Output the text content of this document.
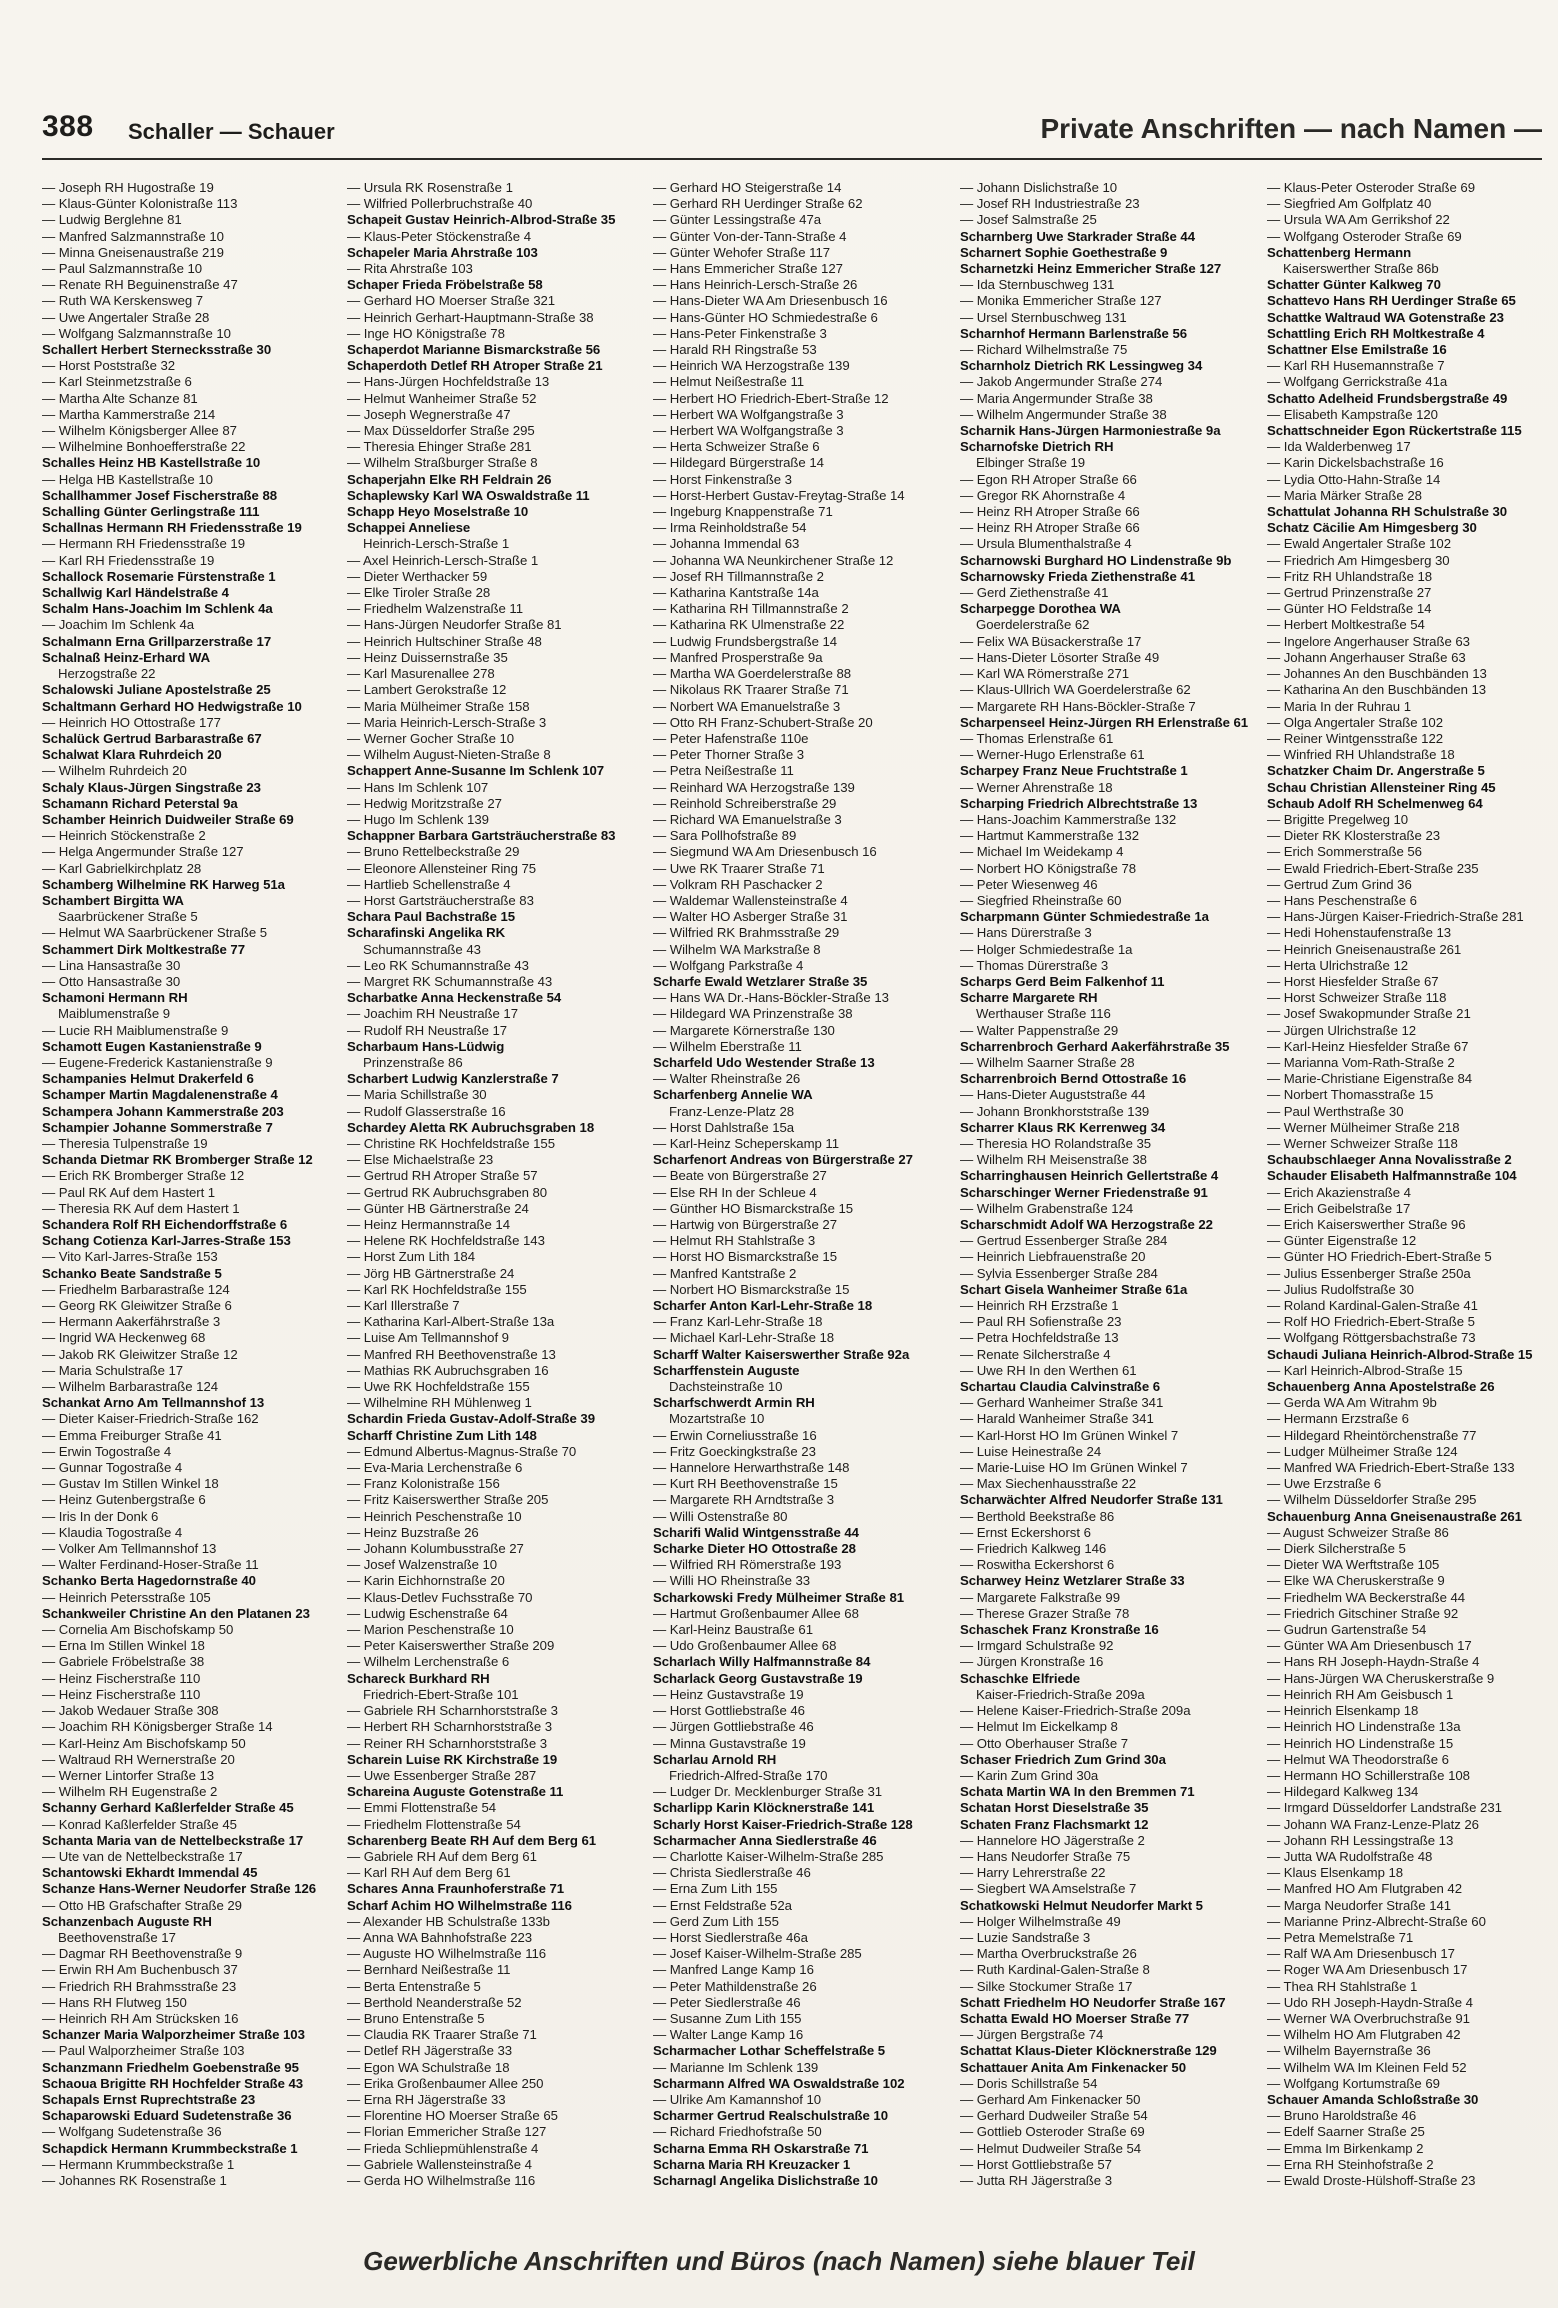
388 Schaller — Schauer	Private Anschriften — nach Namen —
— Joseph RH Hugostraße 19
— Klaus-Günter Kolonistraße 113
— Ludwig Berglehne 81
— Manfred Salzmannstraße 10
— Minna Gneisenaustraße 219
— Paul Salzmannstraße 10
— Renate RH Beguinenstraße 47
— Ruth WA Kerskensweg 7
— Uwe Angertaler Straße 28
— Wolfgang Salzmannstraße 10
Schallert Herbert Sternecksstraße 30
— Horst Poststraße 32
— Karl Steinmetzstraße 6
— Martha Alte Schanze 81
— Martha Kammerstraße 214
— Wilhelm Königsberger Allee 87
— Wilhelmine Bonhoefferstraße 22
Schalles Heinz HB Kastellstraße 10
— Helga HB Kastellstraße 10
Schallhammer Josef Fischerstraße 88
Schalling Günter Gerlingstraße 111
Schallnas Hermann RH Friedensstraße 19
— Hermann RH Friedensstraße 19
— Karl RH Friedensstraße 19
Schallock Rosemarie Fürstenstraße 1
Schallwig Karl Händelstraße 4
Schalm Hans-Joachim Im Schlenk 4a
— Joachim Im Schlenk 4a
Schalmann Erna Grillparzerstraße 17
Schalnaß Heinz-Erhard WA
Herzogstraße 22
Schalowski Juliane Apostelstraße 25
Schaltmann Gerhard HO Hedwigstraße 10
— Heinrich HO Ottostraße 177
Schalück Gertrud Barbarastraße 67
Schalwat Klara Ruhrdeich 20
— Wilhelm Ruhrdeich 20
Schaly Klaus-Jürgen Singstraße 23
Schamann Richard Peterstal 9a
Schamber Heinrich Duidweiler Straße 69
— Heinrich Stöckenstraße 2
— Helga Angermunder Straße 127
— Karl Gabrielkirchplatz 28
Schamberg Wilhelmine RK Harweg 51a
Schambert Birgitta WA
Saarbrückener Straße 5
— Helmut WA Saarbrückener Straße 5
Schammert Dirk Moltkestraße 77
— Lina Hansastraße 30
— Otto Hansastraße 30
Schamoni Hermann RH
Maiblumenstraße 9
— Lucie RH Maiblumenstraße 9
Schamott Eugen Kastanienstraße 9
— Eugene-Frederick Kastanienstraße 9
Schampanies Helmut Drakerfeld 6
Schamper Martin Magdalenenstraße 4
Schampera Johann Kammerstraße 203
Schampier Johanne Sommerstraße 7
— Theresia Tulpenstraße 19
Schanda Dietmar RK Bromberger Straße 12
— Erich RK Bromberger Straße 12
— Paul RK Auf dem Hastert 1
— Theresia RK Auf dem Hastert 1
Schandera Rolf RH Eichendorffstraße 6
Schang Cotienza Karl-Jarres-Straße 153
— Vito Karl-Jarres-Straße 153
Schanko Beate Sandstraße 5
— Friedhelm Barbarastraße 124
— Georg RK Gleiwitzer Straße 6
— Hermann Aakerfährstraße 3
— Ingrid WA Heckenweg 68
— Jakob RK Gleiwitzer Straße 12
— Maria Schulstraße 17
— Wilhelm Barbarastraße 124
Schankat Arno Am Tellmannshof 13
— Dieter Kaiser-Friedrich-Straße 162
— Emma Freiburger Straße 41
— Erwin Togostraße 4
— Gunnar Togostraße 4
— Gustav Im Stillen Winkel 18
— Heinz Gutenbergstraße 6
— Iris In der Donk 6
— Klaudia Togostraße 4
— Volker Am Tellmannshof 13
— Walter Ferdinand-Hoser-Straße 11
Schanko Berta Hagedornstraße 40
— Heinrich Petersstraße 105
Schankweiler Christine An den Platanen 23
— Cornelia Am Bischofskamp 50
— Erna Im Stillen Winkel 18
— Gabriele Fröbelstraße 38
— Heinz Fischerstraße 110
— Heinz Fischerstraße 110
— Jakob Wedauer Straße 308
— Joachim RH Königsberger Straße 14
— Karl-Heinz Am Bischofskamp 50
— Waltraud RH Wernerstraße 20
— Werner Lintorfer Straße 13
— Wilhelm RH Eugenstraße 2
Schanny Gerhard Kaßlerfelder Straße 45
— Konrad Kaßlerfelder Straße 45
Schanta Maria van de Nettelbeckstraße 17
— Ute van de Nettelbeckstraße 17
Schantowski Ekhardt Immendal 45
Schanze Hans-Werner Neudorfer Straße 126
— Otto HB Grafschafter Straße 29
Schanzenbach Auguste RH
Beethovenstraße 17
— Dagmar RH Beethovenstraße 9
— Erwin RH Am Buchenbusch 37
— Friedrich RH Brahmsstraße 23
— Hans RH Flutweg 150
— Heinrich RH Am Strücksken 16
Schanzer Maria Walporzheimer Straße 103
— Paul Walporzheimer Straße 103
Schanzmann Friedhelm Goebenstraße 95
Schaoua Brigitte RH Hochfelder Straße 43
Schapals Ernst Ruprechtstraße 23
Schaparowski Eduard Sudetenstraße 36
— Wolfgang Sudetenstraße 36
Schapdick Hermann Krummbeckstraße 1
— Hermann Krummbeckstraße 1
— Johannes RK Rosenstraße 1
— Ursula RK Rosenstraße 1
— Wilfried Pollerbruchstraße 40
Schapeit Gustav Heinrich-Albrod-Straße 35
— Klaus-Peter Stöckenstraße 4
Schapeler Maria Ahrstraße 103
— Rita Ahrstraße 103
Schaper Frieda Fröbelstraße 58
— Gerhard HO Moerser Straße 321
— Heinrich Gerhart-Hauptmann-Straße 38
— Inge HO Königstraße 78
Schaperdot Marianne Bismarckstraße 56
Schaperdoth Detlef RH Atroper Straße 21
— Hans-Jürgen Hochfeldstraße 13
— Helmut Wanheimer Straße 52
— Joseph Wegnerstraße 47
— Max Düsseldorfer Straße 295
— Theresia Ehinger Straße 281
— Wilhelm Straßburger Straße 8
Schaperjahn Elke RH Feldrain 26
Schaplewsky Karl WA Oswaldstraße 11
Schapp Heyo Moselstraße 10
Schappei Anneliese
Heinrich-Lersch-Straße 1
— Axel Heinrich-Lersch-Straße 1
— Dieter Werthacker 59
— Elke Tiroler Straße 28
— Friedhelm Walzenstraße 11
— Hans-Jürgen Neudorfer Straße 81
— Heinrich Hultschiner Straße 48
— Heinz Duissernstraße 35
— Karl Masurenallee 278
— Lambert Gerokstraße 12
— Maria Mülheimer Straße 158
— Maria Heinrich-Lersch-Straße 3
— Werner Gocher Straße 10
— Wilhelm August-Nieten-Straße 8
Schappert Anne-Susanne Im Schlenk 107
— Hans Im Schlenk 107
— Hedwig Moritzstraße 27
— Hugo Im Schlenk 139
Schappner Barbara Gartsträucherstraße 83
— Bruno Rettelbeckstraße 29
— Eleonore Allensteiner Ring 75
— Hartlieb Schellenstraße 4
— Horst Gartsträucherstraße 83
Schara Paul Bachstraße 15
Scharafinski Angelika RK
Schumannstraße 43
— Leo RK Schumannstraße 43
— Margret RK Schumannstraße 43
Scharbatke Anna Heckenstraße 54
— Joachim RH Neustraße 17
— Rudolf RH Neustraße 17
Scharbaum Hans-Lüdwig
Prinzenstraße 86
Scharbert Ludwig Kanzlerstraße 7
— Maria Schillstraße 30
— Rudolf Glasserstraße 16
Schardey Aletta RK Aubruchsgraben 18
— Christine RK Hochfeldstraße 155
— Else Michaelstraße 23
— Gertrud RH Atroper Straße 57
— Gertrud RK Aubruchsgraben 80
— Günter HB Gärtnerstraße 24
— Heinz Hermannstraße 14
— Helene RK Hochfeldstraße 143
— Horst Zum Lith 184
— Jörg HB Gärtnerstraße 24
— Karl RK Hochfeldstraße 155
— Karl Illerstraße 7
— Katharina Karl-Albert-Straße 13a
— Luise Am Tellmannshof 9
— Manfred RH Beethovenstraße 13
— Mathias RK Aubruchsgraben 16
— Uwe RK Hochfeldstraße 155
— Wilhelmine RH Mühlenweg 1
Schardin Frieda Gustav-Adolf-Straße 39
Scharff Christine Zum Lith 148
— Edmund Albertus-Magnus-Straße 70
— Eva-Maria Lerchenstraße 6
— Franz Kolonistraße 156
— Fritz Kaiserswerther Straße 205
— Heinrich Peschenstraße 10
— Heinz Buzstraße 26
— Johann Kolumbusstraße 27
— Josef Walzenstraße 10
— Karin Eichhornstraße 20
— Klaus-Detlev Fuchsstraße 70
— Ludwig Eschenstraße 64
— Marion Peschenstraße 10
— Peter Kaiserswerther Straße 209
— Wilhelm Lerchenstraße 6
Schareck Burkhard RH
Friedrich-Ebert-Straße 101
— Gabriele RH Scharnhorststraße 3
— Herbert RH Scharnhorststraße 3
— Reiner RH Scharnhorststraße 3
Scharein Luise RK Kirchstraße 19
— Uwe Essenberger Straße 287
Schareina Auguste Gotenstraße 11
— Emmi Flottenstraße 54
— Friedhelm Flottenstraße 54
Scharenberg Beate RH Auf dem Berg 61
— Gabriele RH Auf dem Berg 61
— Karl RH Auf dem Berg 61
Schares Anna Fraunhoferstraße 71
Scharf Achim HO Wilhelmstraße 116
— Alexander HB Schulstraße 133b
— Anna WA Bahnhofstraße 223
— Auguste HO Wilhelmstraße 116
— Bernhard Neißestraße 11
— Berta Entenstraße 5
— Berthold Neanderstraße 52
— Bruno Entenstraße 5
— Claudia RK Traarer Straße 71
— Detlef RH Jägerstraße 33
— Egon WA Schulstraße 18
— Erika Großenbaumer Allee 250
— Erna RH Jägerstraße 33
— Florentine HO Moerser Straße 65
— Florian Emmericher Straße 127
— Frieda Schliepmühlenstraße 4
— Gabriele Wallensteinstraße 4
— Gerda HO Wilhelmstraße 116
— Gerhard HO Steigerstraße 14
— Gerhard RH Uerdinger Straße 62
— Günter Lessingstraße 47a
— Günter Von-der-Tann-Straße 4
— Günter Wehofer Straße 117
— Hans Emmericher Straße 127
— Hans Heinrich-Lersch-Straße 26
— Hans-Dieter WA Am Driesenbusch 16
— Hans-Günter HO Schmiedestraße 6
— Hans-Peter Finkenstraße 3
— Harald RH Ringstraße 53
— Heinrich WA Herzogstraße 139
— Helmut Neißestraße 11
— Herbert HO Friedrich-Ebert-Straße 12
— Herbert WA Wolfgangstraße 3
— Herbert WA Wolfgangstraße 3
— Herta Schweizer Straße 6
— Hildegard Bürgerstraße 14
— Horst Finkenstraße 3
— Horst-Herbert Gustav-Freytag-Straße 14
— Ingeburg Knappenstraße 71
— Irma Reinholdstraße 54
— Johanna Immendal 63
— Johanna WA Neunkirchener Straße 12
— Josef RH Tillmannstraße 2
— Katharina Kantstraße 14a
— Katharina RH Tillmannstraße 2
— Katharina RK Ulmenstraße 22
— Ludwig Frundsbergstraße 14
— Manfred Prosperstraße 9a
— Martha WA Goerdelerstraße 88
— Nikolaus RK Traarer Straße 71
— Norbert WA Emanuelstraße 3
— Otto RH Franz-Schubert-Straße 20
— Peter Hafenstraße 110e
— Peter Thorner Straße 3
— Petra Neißestraße 11
— Reinhard WA Herzogstraße 139
— Reinhold Schreiberstraße 29
— Richard WA Emanuelstraße 3
— Sara Pollhofstraße 89
— Siegmund WA Am Driesenbusch 16
— Uwe RK Traarer Straße 71
— Volkram RH Paschacker 2
— Waldemar Wallensteinstraße 4
— Walter HO Asberger Straße 31
— Wilfried RK Brahmsstraße 29
— Wilhelm WA Markstraße 8
— Wolfgang Parkstraße 4
Scharfe Ewald Wetzlarer Straße 35
— Hans WA Dr.-Hans-Böckler-Straße 13
— Hildegard WA Prinzenstraße 38
— Margarete Körnerstraße 130
— Wilhelm Eberstraße 11
Scharfeld Udo Westender Straße 13
— Walter Rheinstraße 26
Scharfenberg Annelie WA
Franz-Lenze-Platz 28
— Horst Dahlstraße 15a
— Karl-Heinz Scheperskamp 11
Scharfenort Andreas von Bürgerstraße 27
— Beate von Bürgerstraße 27
— Else RH In der Schleue 4
— Günther HO Bismarckstraße 15
— Hartwig von Bürgerstraße 27
— Helmut RH Stahlstraße 3
— Horst HO Bismarckstraße 15
— Manfred Kantstraße 2
— Norbert HO Bismarckstraße 15
Scharfer Anton Karl-Lehr-Straße 18
— Franz Karl-Lehr-Straße 18
— Michael Karl-Lehr-Straße 18
Scharff Walter Kaiserswerther Straße 92a
Scharffenstein Auguste
Dachsteinstraße 10
Scharfschwerdt Armin RH
Mozartstraße 10
— Erwin Corneliusstraße 16
— Fritz Goeckingkstraße 23
— Hannelore Herwarthstraße 148
— Kurt RH Beethovenstraße 15
— Margarete RH Arndtstraße 3
— Willi Ostenstraße 80
Scharifi Walid Wintgensstraße 44
Scharke Dieter HO Ottostraße 28
— Wilfried RH Römerstraße 193
— Willi HO Rheinstraße 33
Scharkowski Fredy Mülheimer Straße 81
— Hartmut Großenbaumer Allee 68
— Karl-Heinz Baustraße 61
— Udo Großenbaumer Allee 68
Scharlach Willy Halfmannstraße 84
Scharlack Georg Gustavstraße 19
— Heinz Gustavstraße 19
— Horst Gottliebstraße 46
— Jürgen Gottliebstraße 46
— Minna Gustavstraße 19
Scharlau Arnold RH
Friedrich-Alfred-Straße 170
— Ludger Dr. Mecklenburger Straße 31
Scharlipp Karin Klöcknerstraße 141
Scharly Horst Kaiser-Friedrich-Straße 128
Scharmacher Anna Siedlerstraße 46
— Charlotte Kaiser-Wilhelm-Straße 285
— Christa Siedlerstraße 46
— Erna Zum Lith 155
— Ernst Feldstraße 52a
— Gerd Zum Lith 155
— Horst Siedlerstraße 46a
— Josef Kaiser-Wilhelm-Straße 285
— Manfred Lange Kamp 16
— Peter Mathildenstraße 26
— Peter Siedlerstraße 46
— Susanne Zum Lith 155
— Walter Lange Kamp 16
Scharmacher Lothar Scheffelstraße 5
— Marianne Im Schlenk 139
Scharmann Alfred WA Oswaldstraße 102
— Ulrike Am Kamannshof 10
Scharmer Gertrud Realschulstraße 10
— Richard Friedhofstraße 50
Scharna Emma RH Oskarstraße 71
Scharna Maria RH Kreuzacker 1
Scharnagl Angelika Dislichstraße 10
— Johann Dislichstraße 10
— Josef RH Industriestraße 23
— Josef Salmstraße 25
Scharnberg Uwe Starkrader Straße 44
Scharnert Sophie Goethestraße 9
Scharnetzki Heinz Emmericher Straße 127
— Ida Sternbuschweg 131
— Monika Emmericher Straße 127
— Ursel Sternbuschweg 131
Scharnhof Hermann Barlenstraße 56
— Richard Wilhelmstraße 75
Scharnholz Dietrich RK Lessingweg 34
— Jakob Angermunder Straße 274
— Maria Angermunder Straße 38
— Wilhelm Angermunder Straße 38
Scharnik Hans-Jürgen Harmoniestraße 9a
Scharnofske Dietrich RH
Elbinger Straße 19
— Egon RH Atroper Straße 66
— Gregor RK Ahornstraße 4
— Heinz RH Atroper Straße 66
— Heinz RH Atroper Straße 66
— Ursula Blumenthalstraße 4
Scharnowski Burghard HO Lindenstraße 9b
Scharnowsky Frieda Ziethenstraße 41
— Gerd Ziethenstraße 41
Scharpegge Dorothea WA
Goerdelerstraße 62
— Felix WA Büsackerstraße 17
— Hans-Dieter Lösorter Straße 49
— Karl WA Römerstraße 271
— Klaus-Ullrich WA Goerdelerstraße 62
— Margarete RH Hans-Böckler-Straße 7
Scharpenseel Heinz-Jürgen RH Erlenstraße 61
— Thomas Erlenstraße 61
— Werner-Hugo Erlenstraße 61
Scharpey Franz Neue Fruchtstraße 1
— Werner Ahrenstraße 18
Scharping Friedrich Albrechtstraße 13
— Hans-Joachim Kammerstraße 132
— Hartmut Kammerstraße 132
— Michael Im Weidekamp 4
— Norbert HO Königstraße 78
— Peter Wiesenweg 46
— Siegfried Rheinstraße 60
Scharpmann Günter Schmiedestraße 1a
— Hans Dürerstraße 3
— Holger Schmiedestraße 1a
— Thomas Dürerstraße 3
Scharps Gerd Beim Falkenhof 11
Scharre Margarete RH
Werthauser Straße 116
— Walter Pappenstraße 29
Scharrenbroch Gerhard Aakerfährstraße 35
— Wilhelm Saarner Straße 28
Scharrenbroich Bernd Ottostraße 16
— Hans-Dieter Auguststraße 44
— Johann Bronkhorststraße 139
Scharrer Klaus RK Kerrenweg 34
— Theresia HO Rolandstraße 35
— Wilhelm RH Meisenstraße 38
Scharringhausen Heinrich Gellertstraße 4
Scharschinger Werner Friedenstraße 91
— Wilhelm Grabenstraße 124
Scharschmidt Adolf WA Herzogstraße 22
— Gertrud Essenberger Straße 284
— Heinrich Liebfrauenstraße 20
— Sylvia Essenberger Straße 284
Schart Gisela Wanheimer Straße 61a
— Heinrich RH Erzstraße 1
— Paul RH Sofienstraße 23
— Petra Hochfeldstraße 13
— Renate Silcherstraße 4
— Uwe RH In den Werthen 61
Schartau Claudia Calvinstraße 6
— Gerhard Wanheimer Straße 341
— Harald Wanheimer Straße 341
— Karl-Horst HO Im Grünen Winkel 7
— Luise Heinestraße 24
— Marie-Luise HO Im Grünen Winkel 7
— Max Siechenhausstraße 22
Scharwächter Alfred Neudorfer Straße 131
— Berthold Beekstraße 86
— Ernst Eckershorst 6
— Friedrich Kalkweg 146
— Roswitha Eckershorst 6
Scharwey Heinz Wetzlarer Straße 33
— Margarete Falkstraße 99
— Therese Grazer Straße 78
Schaschek Franz Kronstraße 16
— Irmgard Schulstraße 92
— Jürgen Kronstraße 16
Schaschke Elfriede
Kaiser-Friedrich-Straße 209a
— Helene Kaiser-Friedrich-Straße 209a
— Helmut Im Eickelkamp 8
— Otto Oberhauser Straße 7
Schaser Friedrich Zum Grind 30a
— Karin Zum Grind 30a
Schata Martin WA In den Bremmen 71
Schatan Horst Dieselstraße 35
Schaten Franz Flachsmarkt 12
— Hannelore HO Jägerstraße 2
— Hans Neudorfer Straße 75
— Harry Lehrerstraße 22
— Siegbert WA Amselstraße 7
Schatkowski Helmut Neudorfer Markt 5
— Holger Wilhelmstraße 49
— Luzie Sandstraße 3
— Martha Overbruckstraße 26
— Ruth Kardinal-Galen-Straße 8
— Silke Stockumer Straße 17
Schatt Friedhelm HO Neudorfer Straße 167
Schatta Ewald HO Moerser Straße 77
— Jürgen Bergstraße 74
Schattat Klaus-Dieter Klöcknerstraße 129
Schattauer Anita Am Finkenacker 50
— Doris Schillstraße 54
— Gerhard Am Finkenacker 50
— Gerhard Dudweiler Straße 54
— Gottlieb Osteroder Straße 69
— Helmut Dudweiler Straße 54
— Horst Gottliebstraße 57
— Jutta RH Jägerstraße 3
— Klaus-Peter Osteroder Straße 69
— Siegfried Am Golfplatz 40
— Ursula WA Am Gerrikshof 22
— Wolfgang Osteroder Straße 69
Schattenberg Hermann
Kaiserswerther Straße 86b
Schatter Günter Kalkweg 70
Schattevo Hans RH Uerdinger Straße 65
Schattke Waltraud WA Gotenstraße 23
Schattling Erich RH Moltkestraße 4
Schattner Else Emilstraße 16
— Karl RH Husemannstraße 7
— Wolfgang Gerrickstraße 41a
Schatto Adelheid Frundsbergstraße 49
— Elisabeth Kampstraße 120
Schattschneider Egon Rückertstraße 115
— Ida Walderbenweg 17
— Karin Dickelsbachstraße 16
— Lydia Otto-Hahn-Straße 14
— Maria Märker Straße 28
Schattulat Johanna RH Schulstraße 30
Schatz Cäcilie Am Himgesberg 30
— Ewald Angertaler Straße 102
— Friedrich Am Himgesberg 30
— Fritz RH Uhlandstraße 18
— Gertrud Prinzenstraße 27
— Günter HO Feldstraße 14
— Herbert Moltkestraße 54
— Ingelore Angerhauser Straße 63
— Johann Angerhauser Straße 63
— Johannes An den Buschbänden 13
— Katharina An den Buschbänden 13
— Maria In der Ruhrau 1
— Olga Angertaler Straße 102
— Reiner Wintgensstraße 122
— Winfried RH Uhlandstraße 18
Schatzker Chaim Dr. Angerstraße 5
Schau Christian Allensteiner Ring 45
Schaub Adolf RH Schelmenweg 64
— Brigitte Pregelweg 10
— Dieter RK Klosterstraße 23
— Erich Sommerstraße 56
— Ewald Friedrich-Ebert-Straße 235
— Gertrud Zum Grind 36
— Hans Peschenstraße 6
— Hans-Jürgen Kaiser-Friedrich-Straße 281
— Hedi Hohenstaufenstraße 13
— Heinrich Gneisenaustraße 261
— Herta Ulrichstraße 12
— Horst Hiesfelder Straße 67
— Horst Schweizer Straße 118
— Josef Swakopmunder Straße 21
— Jürgen Ulrichstraße 12
— Karl-Heinz Hiesfelder Straße 67
— Marianna Vom-Rath-Straße 2
— Marie-Christiane Eigenstraße 84
— Norbert Thomasstraße 15
— Paul Werthstraße 30
— Werner Mülheimer Straße 218
— Werner Schweizer Straße 118
Schaubschlaeger Anna Novalisstraße 2
Schauder Elisabeth Halfmannstraße 104
— Erich Akazienstraße 4
— Erich Geibelstraße 17
— Erich Kaiserswerther Straße 96
— Günter Eigenstraße 12
— Günter HO Friedrich-Ebert-Straße 5
— Julius Essenberger Straße 250a
— Julius Rudolfstraße 30
— Roland Kardinal-Galen-Straße 41
— Rolf HO Friedrich-Ebert-Straße 5
— Wolfgang Röttgersbachstraße 73
Schaudi Juliana Heinrich-Albrod-Straße 15
— Karl Heinrich-Albrod-Straße 15
Schauenberg Anna Apostelstraße 26
— Gerda WA Am Witrahm 9b
— Hermann Erzstraße 6
— Hildegard Rheintörchenstraße 77
— Ludger Mülheimer Straße 124
— Manfred WA Friedrich-Ebert-Straße 133
— Uwe Erzstraße 6
— Wilhelm Düsseldorfer Straße 295
Schauenburg Anna Gneisenaustraße 261
— August Schweizer Straße 86
— Dierk Silcherstraße 5
— Dieter WA Werftstraße 105
— Elke WA Cheruskerstraße 9
— Friedhelm WA Beckerstraße 44
— Friedrich Gitschiner Straße 92
— Gudrun Gartenstraße 54
— Günter WA Am Driesenbusch 17
— Hans RH Joseph-Haydn-Straße 4
— Hans-Jürgen WA Cheruskerstraße 9
— Heinrich RH Am Geisbusch 1
— Heinrich Elsenkamp 18
— Heinrich HO Lindenstraße 13a
— Heinrich HO Lindenstraße 15
— Helmut WA Theodorstraße 6
— Hermann HO Schillerstraße 108
— Hildegard Kalkweg 134
— Irmgard Düsseldorfer Landstraße 231
— Johann WA Franz-Lenze-Platz 26
— Johann RH Lessingstraße 13
— Jutta WA Rudolfstraße 48
— Klaus Elsenkamp 18
— Manfred HO Am Flutgraben 42
— Marga Neudorfer Straße 141
— Marianne Prinz-Albrecht-Straße 60
— Petra Memelstraße 71
— Ralf WA Am Driesenbusch 17
— Roger WA Am Driesenbusch 17
— Thea RH Stahlstraße 1
— Udo RH Joseph-Haydn-Straße 4
— Werner WA Overbruchstraße 91
— Wilhelm HO Am Flutgraben 42
— Wilhelm Bayernstraße 36
— Wilhelm WA Im Kleinen Feld 52
— Wolfgang Kortumstraße 69
Schauer Amanda Schloßstraße 30
— Bruno Haroldstraße 46
— Edelf Saarner Straße 25
— Emma Im Birkenkamp 2
— Erna RH Steinhofstraße 2
— Ewald Droste-Hülshoff-Straße 23
Gewerbliche Anschriften und Büros (nach Namen) siehe blauer Teil
